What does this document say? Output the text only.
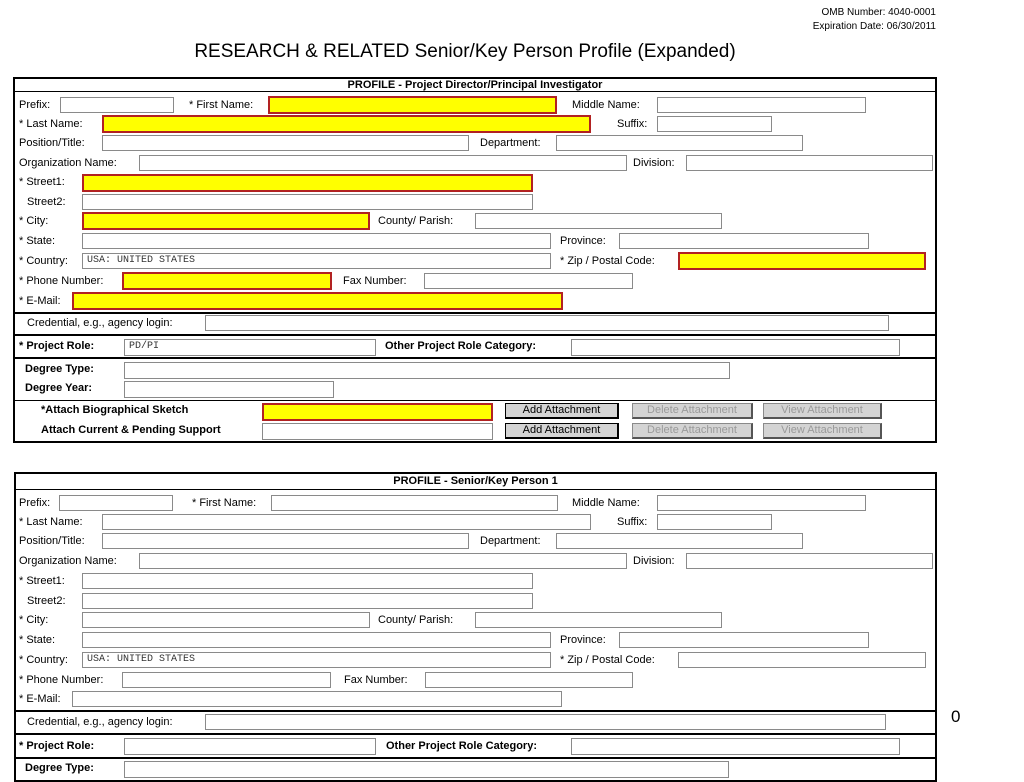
OMB Number: 4040-0001
Expiration Date: 06/30/2011
RESEARCH & RELATED Senior/Key Person Profile (Expanded)
PROFILE - Project Director/Principal Investigator
Prefix:	* First Name:	Middle Name:
* Last Name:	Suffix:
Position/Title:	Department:
Organization Name:	Division:
* Street1:
Street2:
* City:	County/ Parish:
* State:	Province:
* Country:	USA: UNITED STATES	* Zip / Postal Code:
* Phone Number:	Fax Number:
* E-Mail:
Credential, e.g., agency login:
* Project Role:	PD/PI	Other Project Role Category:
Degree Type:
Degree Year:
*Attach Biographical Sketch	Add Attachment	Delete Attachment	View Attachment
Attach Current & Pending Support	Add Attachment	Delete Attachment	View Attachment
PROFILE - Senior/Key Person 1
Prefix:	* First Name:	Middle Name:
* Last Name:	Suffix:
Position/Title:	Department:
Organization Name:	Division:
* Street1:
Street2:
* City:	County/ Parish:
* State:	Province:
* Country:	USA: UNITED STATES	* Zip / Postal Code:
* Phone Number:	Fax Number:
* E-Mail:
Credential, e.g., agency login:
* Project Role:	Other Project Role Category:
Degree Type:
0
